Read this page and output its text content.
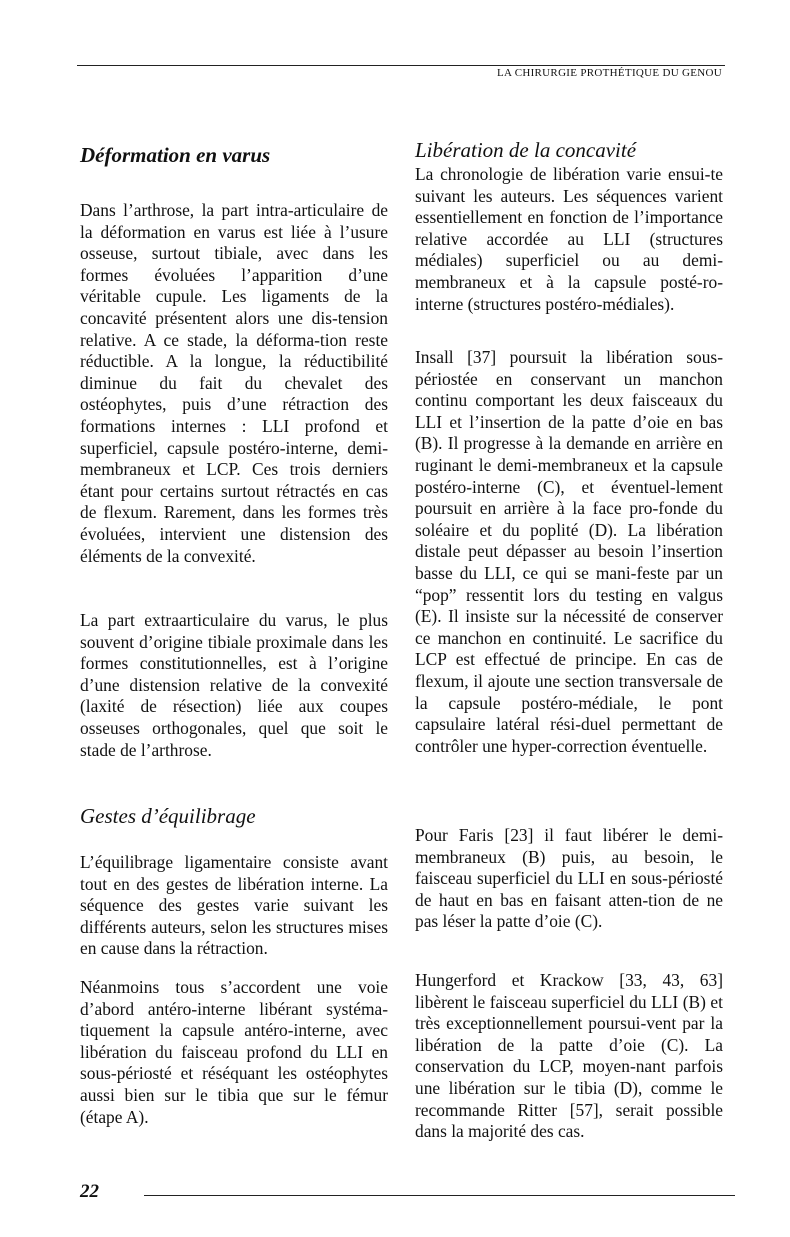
LA CHIRURGIE PROTHÉTIQUE DU GENOU
Déformation en varus

Dans l’arthrose, la part intra-articulaire de la déformation en varus est liée à l’usure osseuse, surtout tibiale, avec dans les formes évoluées l’apparition d’une véritable cupule. Les ligaments de la concavité présentent alors une dis-tension relative. A ce stade, la déforma-tion reste réductible. A la longue, la réductibilité diminue du fait du chevalet des ostéophytes, puis d’une rétraction des formations internes : LLI profond et superficiel, capsule postéro-interne, demi-membraneux et LCP. Ces trois derniers étant pour certains surtout rétractés en cas de flexum. Rarement, dans les formes très évoluées, intervient une distension des éléments de la convexité.

La part extraarticulaire du varus, le plus souvent d’origine tibiale proximale dans les formes constitutionnelles, est à l’origine d’une distension relative de la convexité (laxité de résection) liée aux coupes osseuses orthogonales, quel que soit le stade de l’arthrose.

Gestes d’équilibrage

L’équilibrage ligamentaire consiste avant tout en des gestes de libération interne. La séquence des gestes varie suivant les différents auteurs, selon les structures mises en cause dans la rétraction.

Néanmoins tous s’accordent une voie d’abord antéro-interne libérant systéma-tiquement la capsule antéro-interne, avec libération du faisceau profond du LLI en sous-périosté et réséquant les ostéophytes aussi bien sur le tibia que sur le fémur (étape A).

Libération de la concavité

La chronologie de libération varie ensui-te suivant les auteurs. Les séquences varient essentiellement en fonction de l’importance relative accordée au LLI (structures médiales) superficiel ou au demi-membraneux et à la capsule posté-ro-interne (structures postéro-médiales).

Insall [37] poursuit la libération sous-périostée en conservant un manchon continu comportant les deux faisceaux du LLI et l’insertion de la patte d’oie en bas (B). Il progresse à la demande en arrière en ruginant le demi-membraneux et la capsule postéro-interne (C), et éventuel-lement poursuit en arrière à la face pro-fonde du soléaire et du poplité (D). La libération distale peut dépasser au besoin l’insertion basse du LLI, ce qui se mani-feste par un “pop” ressentit lors du testing en valgus (E). Il insiste sur la nécessité de conserver ce manchon en continuité. Le sacrifice du LCP est effectué de principe. En cas de flexum, il ajoute une section transversale de la capsule postéro-médiale, le pont capsulaire latéral rési-duel permettant de contrôler une hyper-correction éventuelle.

Pour Faris [23] il faut libérer le demi-membraneux (B) puis, au besoin, le faisceau superficiel du LLI en sous-périosté de haut en bas en faisant atten-tion de ne pas léser la patte d’oie (C).

Hungerford et Krackow [33, 43, 63] libèrent le faisceau superficiel du LLI (B) et très exceptionnellement poursui-vent par la libération de la patte d’oie (C). La conservation du LCP, moyen-nant parfois une libération sur le tibia (D), comme le recommande Ritter [57], serait possible dans la majorité des cas.

22
